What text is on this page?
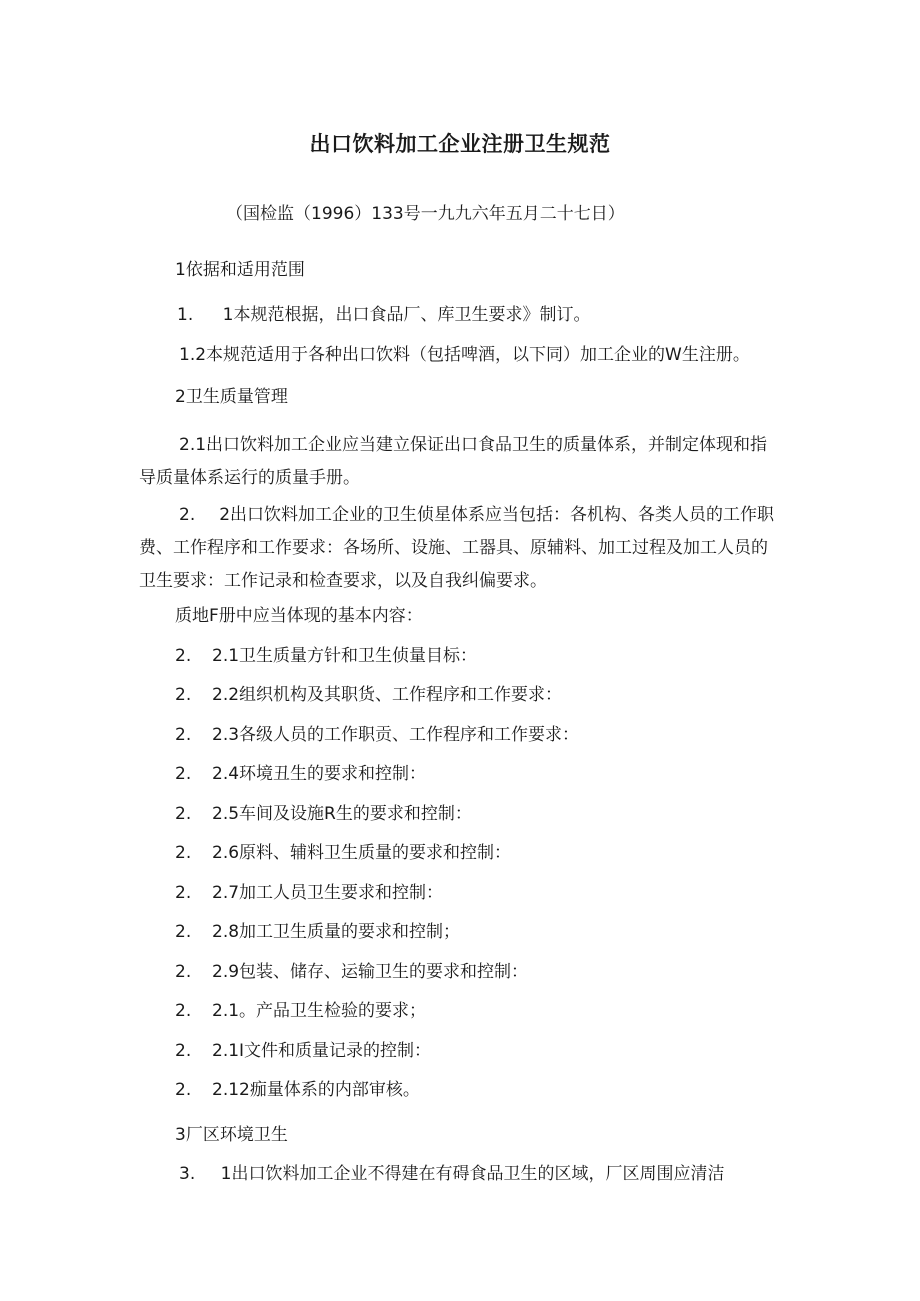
出口饮料加工企业注册卫生规范
（国检监（1996）133号一九九六年五月二十七日）
1依据和适用范围
1. 1本规范根据，出口食品厂、库卫生要求》制订。
1.2本规范适用于各种出口饮料（包括啤酒，以下同）加工企业的W生注册。
2卫生质量管理
2.1出口饮料加工企业应当建立保证出口食品卫生的质量体系，并制定体现和指导质量体系运行的质量手册。
2. 2出口饮料加工企业的卫生侦星体系应当包括：各机构、各类人员的工作职费、工作程序和工作要求：各场所、设施、工器具、原辅料、加工过程及加工人员的卫生要求：工作记录和检查要求，以及自我纠偏要求。
质地F册中应当体现的基本内容：
2. 2.1卫生质量方针和卫生侦量目标：
2. 2.2组织机构及其职货、工作程序和工作要求：
2. 2.3各级人员的工作职贡、工作程序和工作要求：
2. 2.4环境丑生的要求和控制：
2. 2.5车间及设施R生的要求和控制：
2. 2.6原料、辅料卫生质量的要求和控制：
2. 2.7加工人员卫生要求和控制：
2. 2.8加工卫生质量的要求和控制；
2. 2.9包装、储存、运输卫生的要求和控制：
2. 2.1。产品卫生检验的要求；
2. 2.1I文件和质量记录的控制：
2. 2.12痂量体系的内部审核。
3厂区环境卫生
3. 1出口饮料加工企业不得建在有碍食品卫生的区域，厂区周围应清洁
